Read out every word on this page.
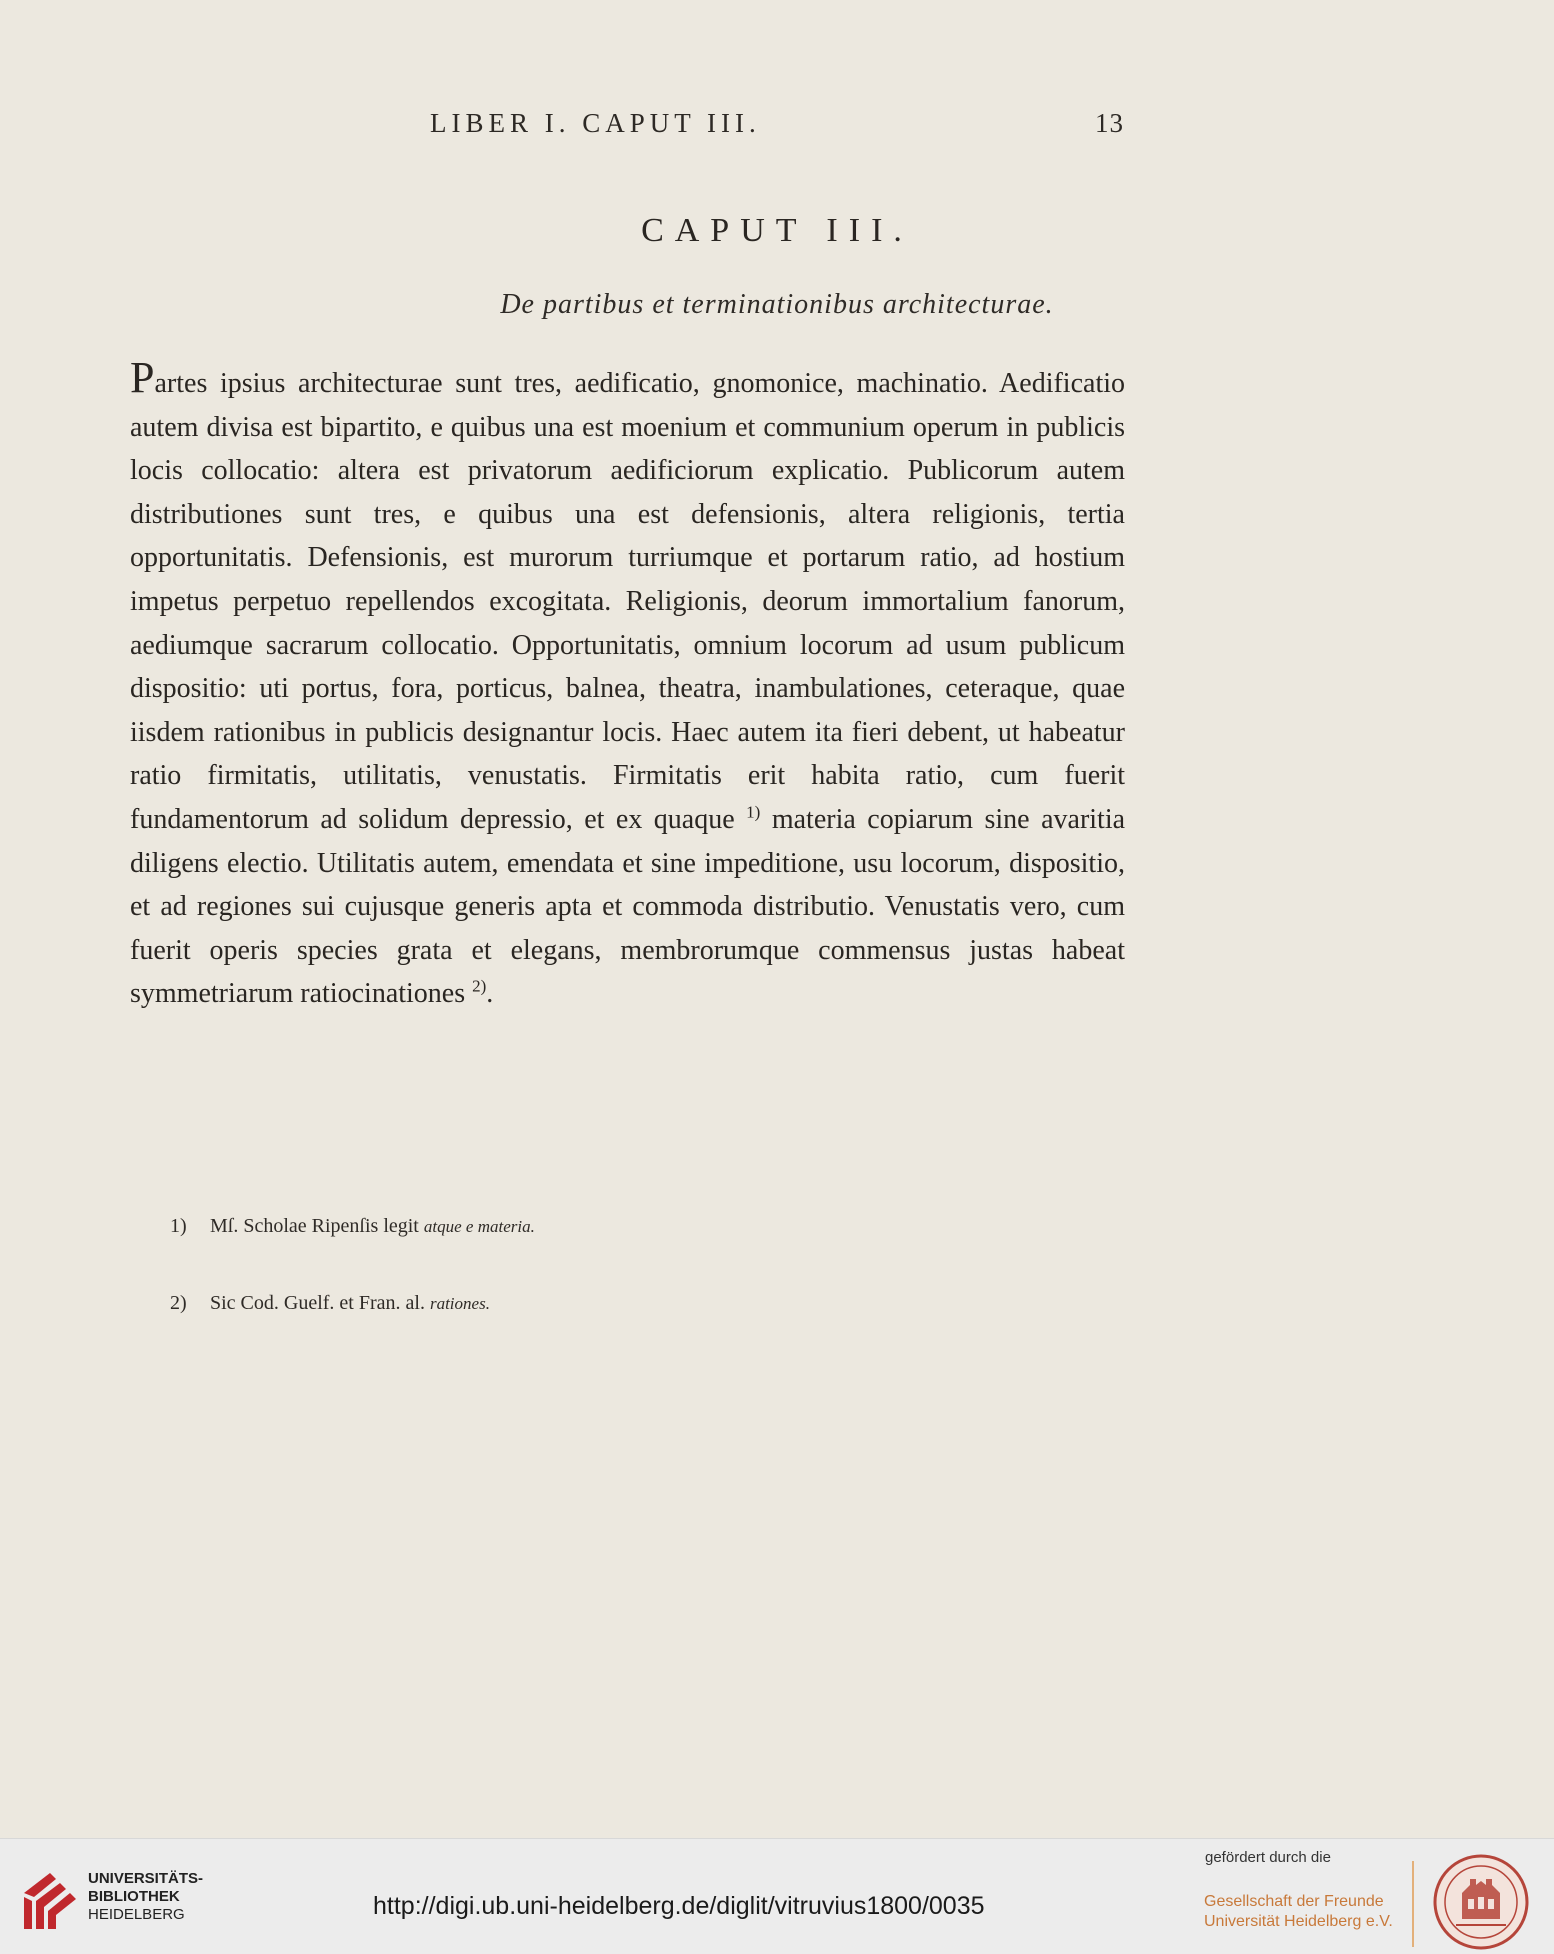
LIBER I. CAPUT III.	13
CAPUT III.
De partibus et terminationibus architecturae.
Partes ipsius architecturae sunt tres, aedificatio, gnomonice, machinatio. Aedificatio autem divisa est bipartito, e quibus una est moenium et communium operum in publicis locis collocatio: altera est privatorum aedificiorum explicatio. Publicorum autem distributiones sunt tres, e quibus una est defensionis, altera religionis, tertia opportunitatis. Defensionis, est murorum turriumque et portarum ratio, ad hostium impetus perpetuo repellendos excogitata. Religionis, deorum immortalium fanorum, aediumque sacrarum collocatio. Opportunitatis, omnium locorum ad usum publicum dispositio: uti portus, fora, porticus, balnea, theatra, inambulationes, ceteraque, quae iisdem rationibus in publicis designantur locis. Haec autem ita fieri debent, ut habeatur ratio firmitatis, utilitatis, venustatis. Firmitatis erit habita ratio, cum fuerit fundamentorum ad solidum depressio, et ex quaque $^{1)}$ materia copiarum sine avaritia diligens electio. Utilitatis autem, emendata et sine impeditione, usu locorum, dispositio, et ad regiones sui cujusque generis apta et commoda distributio. Venustatis vero, cum fuerit operis species grata et elegans, membrorumque commensus justas habeat symmetriarum ratiocinationes $^{2)}$.
1) Mſ. Scholae Ripenſis legit atque e materia.
2) Sic Cod. Guelf. et Fran. al. rationes.
UNIVERSITÄTS-
BIBLIOTHEK
HEIDELBERG	http://digi.ub.uni-heidelberg.de/diglit/vitruvius1800/0035
gefördert durch die
Gesellschaft der Freunde
Universität Heidelberg e.V.
